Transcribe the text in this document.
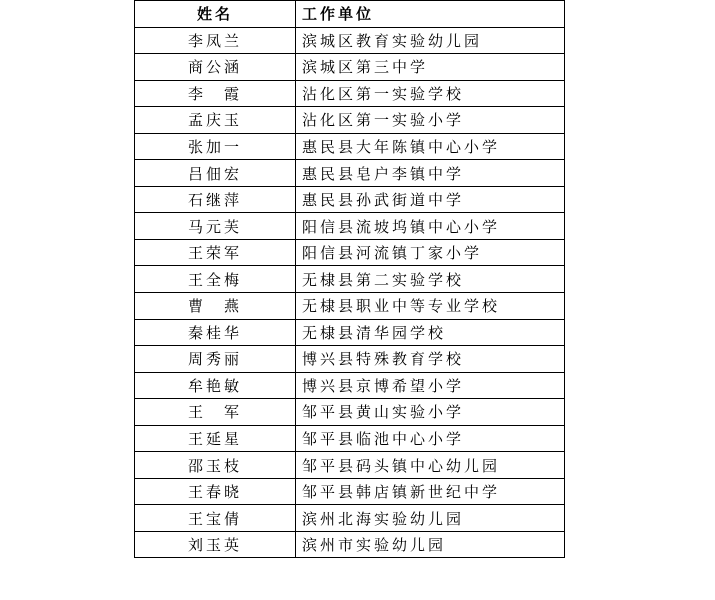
姓名	工作单位
李凤兰	滨城区教育实验幼儿园
商公涵	滨城区第三中学
李　霞	沾化区第一实验学校
孟庆玉	沾化区第一实验小学
张加一	惠民县大年陈镇中心小学
吕佃宏	惠民县皂户李镇中学
石继萍	惠民县孙武街道中学
马元芙	阳信县流坡坞镇中心小学
王荣军	阳信县河流镇丁家小学
王全梅	无棣县第二实验学校
曹　燕	无棣县职业中等专业学校
秦桂华	无棣县清华园学校
周秀丽	博兴县特殊教育学校
牟艳敏	博兴县京博希望小学
王　军	邹平县黄山实验小学
王延星	邹平县临池中心小学
邵玉枝	邹平县码头镇中心幼儿园
王春晓	邹平县韩店镇新世纪中学
王宝倩	滨州北海实验幼儿园
刘玉英	滨州市实验幼儿园
